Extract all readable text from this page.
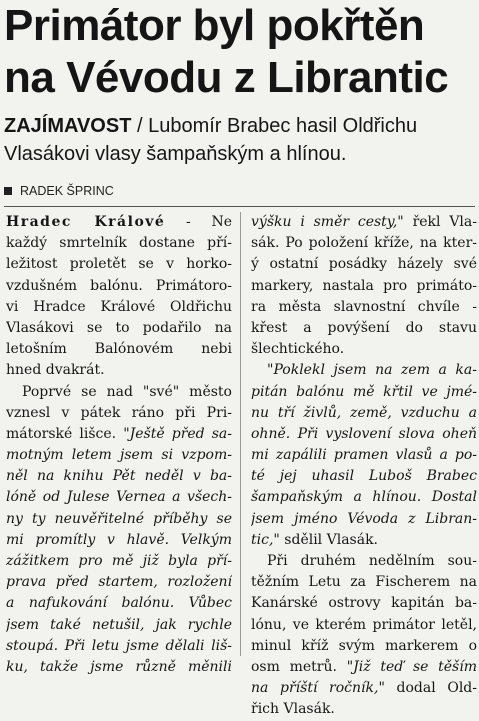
Primátor byl pokřtěn
na Vévodu z Librantic
ZAJÍMAVOST / Lubomír Brabec hasil Oldřichu
Vlasákovi vlasy šampaňským a hlínou.
RADEK ŠPRINC
Hradec Králové - Ne
každý smrtelník dostane pří-
ležitost proletět se v horko-
vzdušném balónu. Primátoro-
vi Hradce Králové Oldřichu
Vlasákovi se to podařilo na
letošním Balónovém nebi
hned dvakrát.
Poprvé se nad "své" město
vznesl v pátek ráno při Pri-
mátorské lišce. "Ještě před sa-
motným letem jsem si vzpom-
něl na knihu Pět neděl v ba-
lóně od Julese Vernea a všech-
ny ty neuvěřitelné příběhy se
mi promítly v hlavě. Velkým
zážitkem pro mě již byla pří-
prava před startem, rozložení
a nafukování balónu. Vůbec
jsem také netušil, jak rychle
stoupá. Při letu jsme dělali liš-
ku, takže jsme různě měnili
výšku i směr cesty," řekl Vla-
sák. Po položení kříže, na kter-
ý ostatní posádky házely své
markery, nastala pro primáto-
ra města slavnostní chvíle -
křest a povýšení do stavu
šlechtického.
"Poklekl jsem na zem a ka-
pitán balónu mě křtil ve jmé-
nu tří živlů, země, vzduchu a
ohně. Při vyslovení slova oheň
mi zapálili pramen vlasů a po-
té jej uhasil Luboš Brabec
šampaňským a hlínou. Dostal
jsem jméno Vévoda z Libran-
tic," sdělil Vlasák.
Při druhém nedělním sou-
těžním Letu za Fischerem na
Kanárské ostrovy kapitán ba-
lónu, ve kterém primátor letěl,
minul kříž svým markerem o
osm metrů. "Již teď se těším
na příští ročník," dodal Old-
řich Vlasák.
